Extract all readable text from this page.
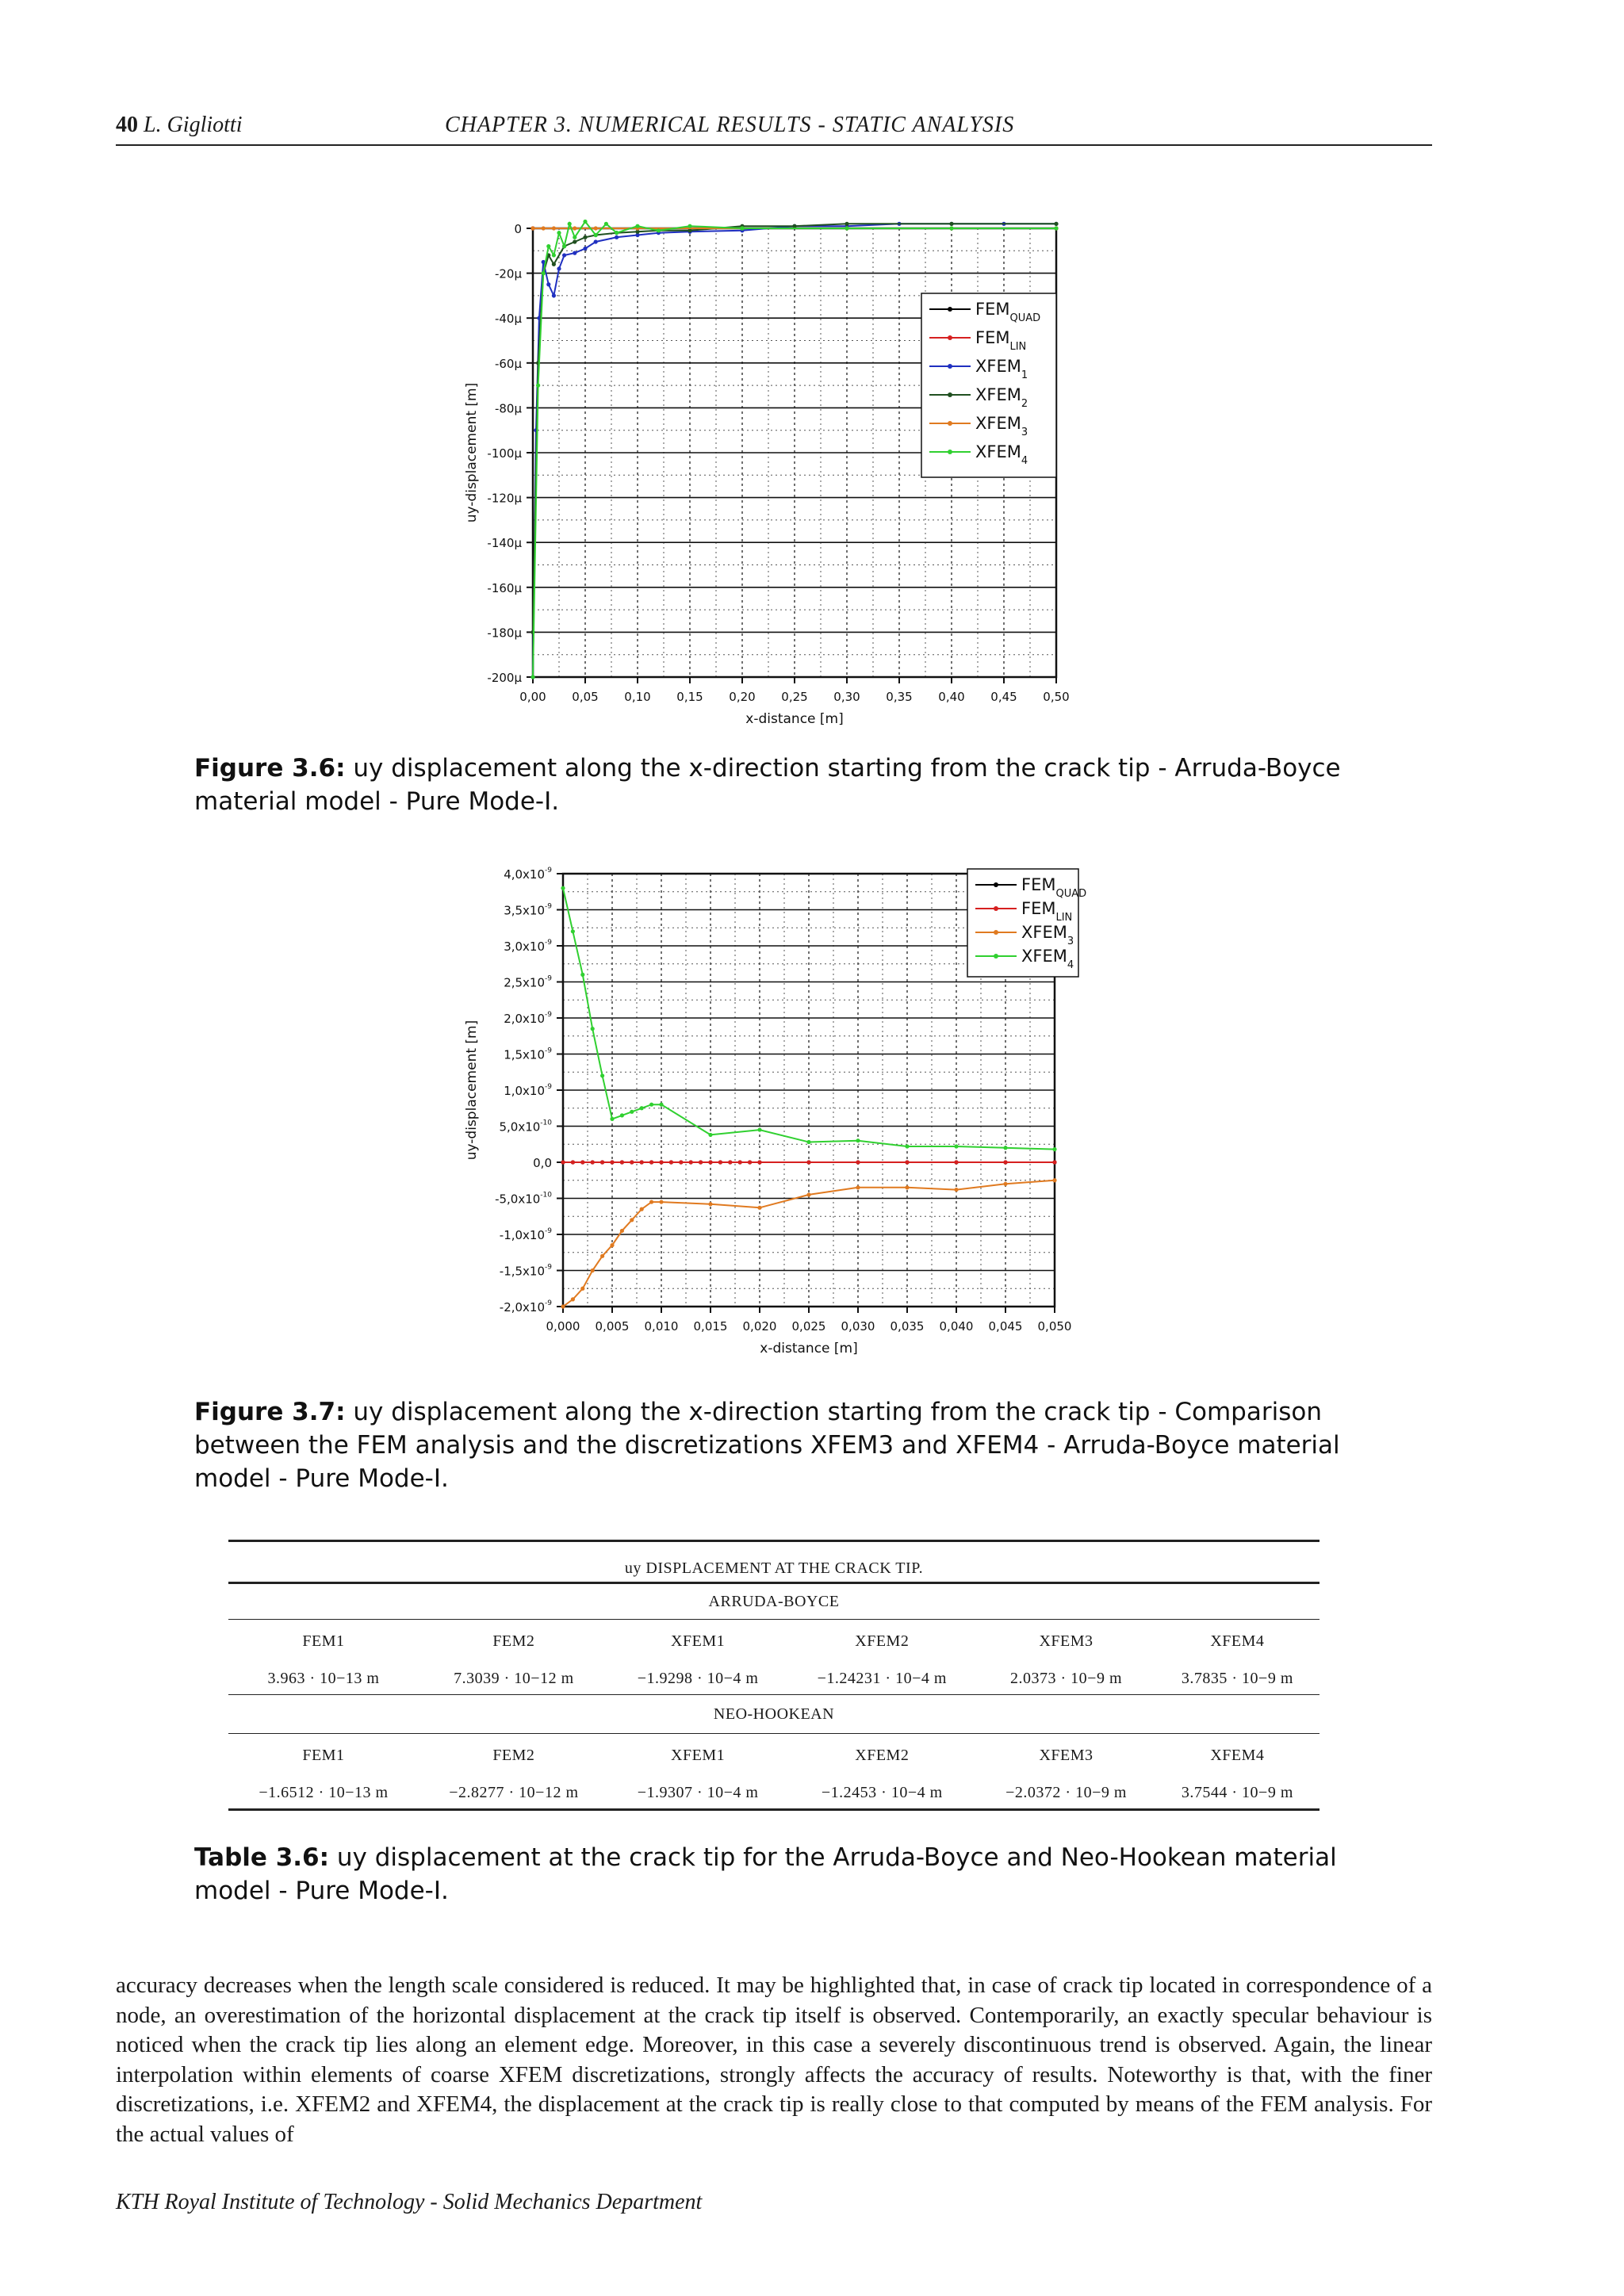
40 L. Gigliotti	CHAPTER 3. NUMERICAL RESULTS - STATIC ANALYSIS
0,00 0,05 0,10 0,15 0,20 0,25 0,30 0,35 0,40 0,45 0,50
0
-20µ
-40µ
-60µ
-80µ
-100µ
-120µ
-140µ
-160µ
-180µ
-200µ
x-distance [m]
uy-displacement [m]
$FEM_{QUAD}$
$FEM_{LIN}$
$XFEM_1$
$XFEM_2$
$XFEM_3$
$XFEM_4$
Figure 3.6: uy displacement along the x-direction starting from the crack tip - Arruda-Boyce material model - Pure Mode-I.
0,000 0,005 0,010 0,015 0,020 0,025 0,030 0,035 0,040 0,045 0,050
$4,0x10^{-9}$
$3,5x10^{-9}$
$3,0x10^{-9}$
$2,5x10^{-9}$
$2,0x10^{-9}$
$1,5x10^{-9}$
$1,0x10^{-9}$
$5,0x10^{-10}$
0,0
$-5,0x10^{-10}$
$-1,0x10^{-9}$
$-1,5x10^{-9}$
$-2,0x10^{-9}$
x-distance [m]
uy-displacement [m]
$FEM_{QUAD}$
$FEM_{LIN}$
$XFEM_3$
$XFEM_4$
Figure 3.7: uy displacement along the x-direction starting from the crack tip - Comparison between the FEM analysis and the discretizations XFEM3 and XFEM4 - Arruda-Boyce material model - Pure Mode-I.

uy DISPLACEMENT AT THE CRACK TIP.					
ARRUDA-BOYCE					
FEM1	FEM2	XFEM1	XFEM2	XFEM3	XFEM4
3.963 · 10−13 m	7.3039 · 10−12 m	−1.9298 · 10−4 m	−1.24231 · 10−4 m	2.0373 · 10−9 m	3.7835 · 10−9 m
NEO-HOOKEAN					
FEM1	FEM2	XFEM1	XFEM2	XFEM3	XFEM4
−1.6512 · 10−13 m	−2.8277 · 10−12 m	−1.9307 · 10−4 m	−1.2453 · 10−4 m	−2.0372 · 10−9 m	3.7544 · 10−9 m

Table 3.6: uy displacement at the crack tip for the Arruda-Boyce and Neo-Hookean material model - Pure Mode-I.
accuracy decreases when the length scale considered is reduced. It may be highlighted that, in case of crack tip located in correspondence of a node, an overestimation of the horizontal displacement at the crack tip itself is observed. Contemporarily, an exactly specular behaviour is noticed when the crack tip lies along an element edge. Moreover, in this case a severely discontinuous trend is observed. Again, the linear interpolation within elements of coarse XFEM discretizations, strongly affects the accuracy of results. Noteworthy is that, with the finer discretizations, i.e. XFEM2 and XFEM4, the displacement at the crack tip is really close to that computed by means of the FEM analysis. For the actual values of
KTH Royal Institute of Technology - Solid Mechanics Department
